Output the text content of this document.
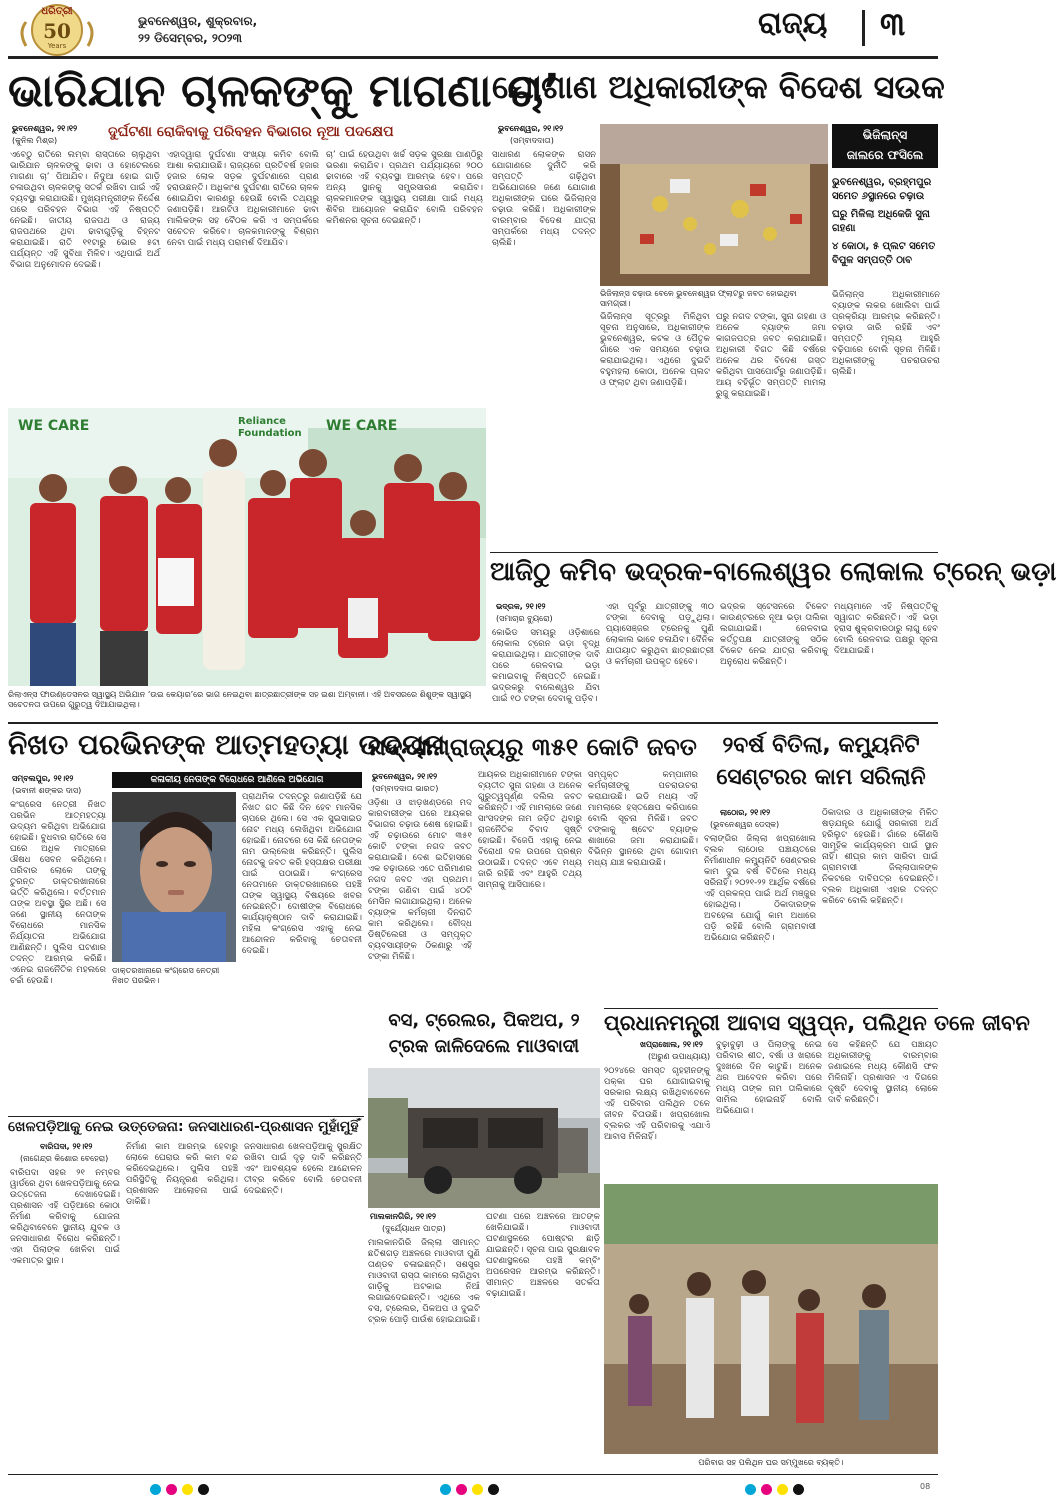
ଧରିତ୍ରୀ
50
Years
ଭୁବନେଶ୍ୱର, ଶୁକ୍ରବାର,
୨୨ ଡିସେମ୍ବର, ୨୦୨୩	ରାଜ୍ୟ ୩
ଭାରିଯାନ ଚାଳକଙ୍କୁ ମାଗଣା ଚା’
ଭୁବନେଶ୍ୱର, ୨୧।୧୨
(କୁନିଲ ମିଶ୍ର)
ଦୁର୍ଘଟଣା ରୋକିବାକୁ ପରିବହନ ବିଭାଗର ନୂଆ ପଦକ୍ଷେପ
ଏବେଠୁ ରାତିରେ ଲମ୍ବା ରାସ୍ତାରେ ଚାଲୁଥିବା ଭାରିଯାନ ଚାଳକଙ୍କୁ ଢାବା ଓ ହୋଟେଲରେ ମାଗଣା ଚା’ ପିଆଯିବ। ନିଦୁଆ ହୋଇ ଗାଡ଼ି ଚଳାଉଥିବା ଚାଳକଙ୍କୁ ସତର୍କ ରଖିବା ପାଇଁ ଏହି ବ୍ୟବସ୍ଥା କରାଯାଉଛି। ମୁଖ୍ୟମନ୍ତ୍ରୀଙ୍କ ନିର୍ଦ୍ଦେଶ ପରେ ପରିବହନ ବିଭାଗ ଏହି ନିଷ୍ପତ୍ତି ନେଇଛି। ଜାତୀୟ ରାଜପଥ ଓ ରାଜ୍ୟ ରାଜପଥରେ ଥିବା ଢାବାଗୁଡ଼ିକୁ ଚିହ୍ନଟ କରାଯାଇଛି। ରାତି ୧୧ଟାରୁ ଭୋର ୫ଟା ପର୍ଯ୍ୟନ୍ତ ଏହି ସୁବିଧା ମିଳିବ। ଏଥିପାଇଁ ଅର୍ଥ ବିଭାଗ ଅନୁମୋଦନ ଦେଇଛି।
ଏହାଦ୍ୱାରା ଦୁର୍ଘଟଣା ସଂଖ୍ୟା କମିବ ବୋଲି ଆଶା କରାଯାଉଛି। ରାଜ୍ୟରେ ପ୍ରତିବର୍ଷ ହଜାର ହଜାର ଲୋକ ସଡ଼କ ଦୁର୍ଘଟଣାରେ ପ୍ରାଣ ହରାଉଛନ୍ତି। ଅଧିକାଂଶ ଦୁର୍ଘଟଣା ରାତିରେ ଚାଳକ ଶୋଇଯିବା କାରଣରୁ ହେଉଛି ବୋଲି ତଥ୍ୟରୁ ଜଣାପଡ଼ିଛି। ଆରଟିଓ ଅଧିକାରୀମାନେ ଢାବା ମାଲିକଙ୍କ ସହ ବୈଠକ କରି ଏ ସମ୍ପର୍କରେ ସଚେତନ କରିବେ। ଚାଳକମାନଙ୍କୁ ବିଶ୍ରାମ ନେବା ପାଇଁ ମଧ୍ୟ ପରାମର୍ଶ ଦିଆଯିବ।
ଚା’ ପାଇଁ ହେଉଥିବା ଖର୍ଚ୍ଚ ସଡ଼କ ସୁରକ୍ଷା ପାଣ୍ଠିରୁ ଭରଣା କରାଯିବ। ପ୍ରଥମ ପର୍ଯ୍ୟାୟରେ ୨୦୦ ଢାବାରେ ଏହି ବ୍ୟବସ୍ଥା ଆରମ୍ଭ ହେବ। ପରେ ଅନ୍ୟ ସ୍ଥାନକୁ ସମ୍ପ୍ରସାରଣ କରାଯିବ। ଚାଳକମାନଙ୍କ ସ୍ୱାସ୍ଥ୍ୟ ପରୀକ୍ଷା ପାଇଁ ମଧ୍ୟ ଶିବିର ଆୟୋଜନ କରାଯିବ ବୋଲି ପରିବହନ କମିଶନର ସୂଚନା ଦେଇଛନ୍ତି।
WE CARE	Reliance Foundation	WE CARE
ରିଲାଏନ୍ସ ଫାଉଣ୍ଡେସନର ସ୍ୱାସ୍ଥ୍ୟ ଅଭିଯାନ ‘ଉଇ କେୟାର’ରେ ଭାଗ ନେଇଥିବା ଛାତ୍ରଛାତ୍ରୀଙ୍କ ସହ ଇଶା ଅମ୍ବାନୀ। ଏହି ଅବସରରେ ଶିଶୁଙ୍କ ସ୍ୱାସ୍ଥ୍ୟ ସଚେତନତା ଉପରେ ଗୁରୁତ୍ୱ ଦିଆଯାଇଥିଲା।
ଯୋଗାଣ ଅଧିକାରୀଙ୍କ ବିଦେଶ ସଉକ
ଭୁବନେଶ୍ୱର, ୨୧।୧୨
(ସମ୍ବାଦଦାତା)
ସାଧାରଣ ଲୋକଙ୍କ ରାସନ ଯୋଗାଣରେ ଦୁର୍ନୀତି କରି ସମ୍ପତ୍ତି ଗଢ଼ିଥିବା ଅଭିଯୋଗରେ ଜଣେ ଯୋଗାଣ ଅଧିକାରୀଙ୍କ ଘରେ ଭିଜିଲାନ୍ସ ଚଢ଼ାଉ କରିଛି। ଅଧିକାରୀଙ୍କ ବାରମ୍ବାର ବିଦେଶ ଯାତ୍ରା ସମ୍ପର୍କରେ ମଧ୍ୟ ତଦନ୍ତ ଚାଲିଛି।
ଭିଜିଲାନ୍ସ
ଜାଲରେ ଫସିଲେ
ଭୁବନେଶ୍ୱର, ବ୍ରହ୍ମପୁର ସମେତ ୬ସ୍ଥାନରେ ଚଢ଼ାଉ
ଘରୁ ମିଳିଲା ଅଧିକେଜି ସୁନା ଗହଣା
୪ କୋଠା, ୫ ପ୍ଲଟ ସମେତ ବିପୁଳ ସମ୍ପତ୍ତି ଠାବ
ଭିଜିଲାନ୍ସ ଚଢ଼ାଉ ବେଳେ ଭୁବନେଶ୍ୱର ଫ୍ଲାଟରୁ ଜବତ ହୋଇଥିବା ସାମଗ୍ରୀ।
ଭିଜିଲାନ୍ସ ସୂତ୍ରରୁ ମିଳିଥିବା ସୂଚନା ଅନୁସାରେ, ଅଧିକାରୀଙ୍କ ଭୁବନେଶ୍ୱର, କଟକ ଓ ପୈତୃକ ଗାଁରେ ଏକ ସମୟରେ ଚଢ଼ାଉ କରାଯାଇଥିଲା। ଏଥିରେ ଦୁଇଟି ବହୁମହଲା କୋଠା, ଅନେକ ପ୍ଲଟ ଓ ଫ୍ଲାଟ ଥିବା ଜଣାପଡ଼ିଛି।
ଘରୁ ନଗଦ ଟଙ୍କା, ସୁନା ଗହଣା ଓ ଅନେକ ବ୍ୟାଙ୍କ ଜମା କାଗଜପତ୍ର ଜବତ କରାଯାଇଛି। ଅଧିକାରୀ ବିଗତ କିଛି ବର୍ଷରେ ଅନେକ ଥର ବିଦେଶ ଗସ୍ତ କରିଥିବା ପାସପୋର୍ଟରୁ ଜଣାପଡ଼ିଛି। ଆୟ ବହିର୍ଭୂତ ସମ୍ପତ୍ତି ମାମଲା ରୁଜୁ କରାଯାଇଛି।
ଭିଜିଲାନ୍ସ ଅଧିକାରୀମାନେ ବ୍ୟାଙ୍କ ଲକର ଖୋଲିବା ପାଇଁ ପ୍ରକ୍ରିୟା ଆରମ୍ଭ କରିଛନ୍ତି। ଚଢ଼ାଉ ଜାରି ରହିଛି ଏବଂ ସମ୍ପତ୍ତି ମୂଲ୍ୟ ଆହୁରି ବଢ଼ିପାରେ ବୋଲି ସୂଚନା ମିଳିଛି। ଅଧିକାରୀଙ୍କୁ ପଚରାଉଚରା ଚାଲିଛି।
ଆଜିଠୁ କମିବ ଭଦ୍ରକ-ବାଲେଶ୍ୱର ଲୋକାଲ ଟ୍ରେନ୍ ଭଡ଼ା
ଭଦ୍ରକ, ୨୧।୧୨
(ସମାଚାର ବ୍ୟୁରୋ)
କୋଭିଡ ସମୟରୁ ଓଡ଼ିଶାରେ ଲୋକାଲ ଟ୍ରେନ ଭଡ଼ା ବୃଦ୍ଧି କରାଯାଇଥିଲା। ଯାତ୍ରୀଙ୍କ ଦାବି ପରେ ରେଳବାଇ ଭଡ଼ା କମାଇବାକୁ ନିଷ୍ପତ୍ତି ନେଇଛି। ଭଦ୍ରକରୁ ବାଲେଶ୍ୱର ଯିବା ପାଇଁ ୧୦ ଟଙ୍କା ଦେବାକୁ ପଡ଼ିବ।
ଏହା ପୂର୍ବରୁ ଯାତ୍ରୀଙ୍କୁ ୩୦ ଟଙ୍କା ଦେବାକୁ ପଡ଼ୁଥିଲା। ପ୍ୟାସେଞ୍ଜର ଟ୍ରେନକୁ ପୁଣି ଲୋକାଲ ଭାବେ ଚଳାଯିବ। ଦୈନିକ ଯାତାୟାତ କରୁଥିବା ଛାତ୍ରଛାତ୍ରୀ ଓ କର୍ମଚାରୀ ଉପକୃତ ହେବେ।
ଭଦ୍ରକ ସ୍ଟେସନରେ ଟିକେଟ କାଉଣ୍ଟରରେ ନୂଆ ଭଡ଼ା ତାଲିକା ଲଗାଯାଇଛି। ରେଳବାଇ କର୍ତ୍ତୃପକ୍ଷ ଯାତ୍ରୀଙ୍କୁ ସଠିକ ଟିକେଟ ନେଇ ଯାତ୍ରା କରିବାକୁ ଅନୁରୋଧ କରିଛନ୍ତି।
ମଧ୍ୟମାନେ ଏହି ନିଷ୍ପତ୍ତିକୁ ସ୍ୱାଗତ କରିଛନ୍ତି। ଏହି ଭଡ଼ା ହ୍ରାସ ଶୁକ୍ରବାରଠାରୁ ଲାଗୁ ହେବ ବୋଲି ରେଳବାଇ ପକ୍ଷରୁ ସୂଚନା ଦିଆଯାଇଛି।
ନିଖତ ପରଭିନଙ୍କ ଆତ୍ମହତ୍ୟା ଉଦ୍ୟମ
ସମ୍ବଲପୁର, ୨୧।୧୨
(ଭବାନୀ ଶଙ୍କର ଦାସ)
କଳାକୀୟ ନେତାଙ୍କ ବିରୋଧରେ ଆଣିଲେ ଅଭିଯୋଗ
କଂଗ୍ରେସ ନେତ୍ରୀ ନିଖତ ପରଭିନ ଆତ୍ମହତ୍ୟା ଉଦ୍ୟମ କରିଥିବା ଅଭିଯୋଗ ହୋଇଛି। ବୁଧବାର ରାତିରେ ସେ ଘରେ ଅଧିକ ମାତ୍ରାରେ ଔଷଧ ସେବନ କରିଥିଲେ। ପରିବାର ଲୋକେ ତାଙ୍କୁ ତୁରନ୍ତ ଡାକ୍ତରଖାନାରେ ଭର୍ତ୍ତି କରିଥିଲେ। ବର୍ତ୍ତମାନ ତାଙ୍କ ଅବସ୍ଥା ସ୍ଥିର ଅଛି। ସେ ଜଣେ ସ୍ଥାନୀୟ ନେତାଙ୍କ ବିରୋଧରେ ମାନସିକ ନିର୍ଯ୍ୟାତନା ଅଭିଯୋଗ ଆଣିଛନ୍ତି। ପୁଲିସ ଘଟଣାର ତଦନ୍ତ ଆରମ୍ଭ କରିଛି। ଏନେଇ ରାଜନୈତିକ ମହଲରେ ଚର୍ଚ୍ଚା ହେଉଛି।
ଡାକ୍ତରଖାନାରେ କଂଗ୍ରେସ ନେତ୍ରୀ ନିଖତ ପରଭିନ।
ପ୍ରାଥମିକ ତଦନ୍ତରୁ ଜଣାପଡ଼ିଛି ଯେ ନିଖତ ଗତ କିଛି ଦିନ ହେବ ମାନସିକ ଚାପରେ ଥିଲେ। ସେ ଏକ ସୁଇସାଇଡ ନୋଟ ମଧ୍ୟ ଲେଖିଥିବା ଅଭିଯୋଗ ହୋଇଛି। ନୋଟରେ ସେ କିଛି ନେତାଙ୍କ ନାମ ଉଲ୍ଲେଖ କରିଛନ୍ତି। ପୁଲିସ ନୋଟକୁ ଜବତ କରି ହସ୍ତାକ୍ଷର ପରୀକ୍ଷା ପାଇଁ ପଠାଇଛି। କଂଗ୍ରେସ ନେତାମାନେ ଡାକ୍ତରଖାନାରେ ପହଞ୍ଚି ତାଙ୍କ ସ୍ୱାସ୍ଥ୍ୟ ବିଷୟରେ ଖବର ନେଇଛନ୍ତି। ଦୋଷୀଙ୍କ ବିରୋଧରେ କାର୍ଯ୍ୟାନୁଷ୍ଠାନ ଦାବି କରାଯାଇଛି। ମହିଳା କଂଗ୍ରେସ ଏହାକୁ ନେଇ ଆନ୍ଦୋଳନ କରିବାକୁ ଚେତାବନୀ ଦେଇଛି।
ମଦ ସାମ୍ରାଜ୍ୟରୁ ୩୫୧ କୋଟି ଜବତ
ଭୁବନେଶ୍ୱର, ୨୧।୧୨
(ସମ୍ବାଦଦାତା ଭାରତ)
ଓଡ଼ିଶା ଓ ଝାଡ଼ଖଣ୍ଡରେ ମଦ କାରବାରୀଙ୍କ ଘରେ ଆୟକର ବିଭାଗର ଚଢ଼ାଉ ଶେଷ ହୋଇଛି। ଏହି ଚଢ଼ାଉରେ ମୋଟ ୩୫୧ କୋଟି ଟଙ୍କା ନଗଦ ଜବତ କରାଯାଇଛି। ଦେଶ ଇତିହାସରେ ଏକ ଚଢ଼ାଉରେ ଏତେ ପରିମାଣର ନଗଦ ଜବତ ଏହା ପ୍ରଥମ। ଟଙ୍କା ଗଣିବା ପାଇଁ ୪୦ଟି ମେସିନ ଲଗାଯାଇଥିଲା। ଅନେକ ବ୍ୟାଙ୍କ କର୍ମଚାରୀ ଦିନରାତି କାମ କରିଥିଲେ। ବୌଦ୍ଧ ଡିଷ୍ଟିଲେରୀ ଓ ସମ୍ପୃକ୍ତ ବ୍ୟବସାୟୀଙ୍କ ଠିକଣାରୁ ଏହି ଟଙ୍କା ମିଳିଛି।
ଆୟକର ଅଧିକାରୀମାନେ ଟଙ୍କା ବ୍ୟତୀତ ସୁନା ଗହଣା ଓ ଅନେକ ଗୁରୁତ୍ୱପୂର୍ଣ୍ଣ ଦଲିଲ ଜବତ କରିଛନ୍ତି। ଏହି ମାମଲାରେ ଜଣେ ସାଂସଦଙ୍କ ନାମ ଜଡ଼ିତ ଥିବାରୁ ରାଜନୈତିକ ବିବାଦ ସୃଷ୍ଟି ହୋଇଛି। ବିଜେପି ଏହାକୁ ନେଇ ବିରୋଧୀ ଦଳ ଉପରେ ପ୍ରଶ୍ନ ଉଠାଇଛି। ତଦନ୍ତ ଏବେ ମଧ୍ୟ ଜାରି ରହିଛି ଏବଂ ଆହୁରି ତଥ୍ୟ ସାମ୍ନାକୁ ଆସିପାରେ।
ସମ୍ପୃକ୍ତ କମ୍ପାନୀର କର୍ମଚାରୀଙ୍କୁ ପଚରାଉଚରା କରାଯାଉଛି। ଇଡି ମଧ୍ୟ ଏହି ମାମଲାରେ ହସ୍ତକ୍ଷେପ କରିପାରେ ବୋଲି ସୂଚନା ମିଳିଛି। ଜବତ ଟଙ୍କାକୁ ଷ୍ଟେଟ ବ୍ୟାଙ୍କ ଶାଖାରେ ଜମା କରାଯାଇଛି। ବିଭିନ୍ନ ସ୍ଥାନରେ ଥିବା ଗୋଦାମ ମଧ୍ୟ ଯାଞ୍ଚ କରାଯାଉଛି।
ବସ, ଟ୍ରେଲର, ପିକଅପ, ୨ ଟ୍ରକ ଜାଳିଦେଲେ ମାଓବାଦୀ
ମାଲକାନଗିରି, ୨୧।୧୨
(ଦୁର୍ଯ୍ୟୋଧନ ପାତ୍ର)
ମାଲକାନଗିରି ଜିଲ୍ଲା ସୀମାନ୍ତ ଛତିଶଗଡ଼ ଅଞ୍ଚଳରେ ମାଓବାଦୀ ପୁଣି ତାଣ୍ଡବ ଚଳାଇଛନ୍ତି। ସଶସ୍ତ୍ର ମାଓବାଦୀ ରାସ୍ତା କାମରେ ଲାଗିଥିବା ଗାଡ଼ିକୁ ଅଟକାଇ ନିଆଁ ଲଗାଇଦେଇଛନ୍ତି। ଏଥିରେ ଏକ ବସ, ଟ୍ରେଲର, ପିକଅପ ଓ ଦୁଇଟି ଟ୍ରକ ପୋଡ଼ି ପାଉଁଶ ହୋଇଯାଇଛି।
ଘଟଣା ପରେ ଅଞ୍ଚଳରେ ଆତଙ୍କ ଖେଳିଯାଇଛି। ମାଓବାଦୀ ଘଟଣାସ୍ଥଳରେ ପୋଷ୍ଟର ଛାଡ଼ି ଯାଇଛନ୍ତି। ସୂଚନା ପାଇ ସୁରକ୍ଷାବଳ ଘଟଣାସ୍ଥଳରେ ପହଞ୍ଚି କମ୍ବିଂ ଅପରେସନ ଆରମ୍ଭ କରିଛନ୍ତି। ସୀମାନ୍ତ ଅଞ୍ଚଳରେ ସତର୍କତା ବଢ଼ାଯାଇଛି।
୨ବର୍ଷ ବିତିଲା, କମ୍ୟୁନିଟି
ସେଣ୍ଟରର କାମ ସରିଲାନି
ଲାଠୋର, ୨୧।୧୨
(ଭୁବନେଶ୍ୱର ଡେସ୍କ)
ବଲାଙ୍ଗିର ଜିଲ୍ଲା ଖପ୍ରାଖୋଲ ବ୍ଲକ ଲାଠୋର ପଞ୍ଚାୟତରେ ନିର୍ମାଣାଧୀନ କମ୍ୟୁନିଟି ସେଣ୍ଟରର କାମ ଦୁଇ ବର୍ଷ ବିତିଲେ ମଧ୍ୟ ସରିନାହିଁ। ୨୦୨୧-୨୨ ଆର୍ଥିକ ବର୍ଷରେ ଏହି ପ୍ରକଳ୍ପ ପାଇଁ ଅର୍ଥ ମଞ୍ଜୁର ହୋଇଥିଲା। ଠିକାଦାରଙ୍କ ଅବହେଳା ଯୋଗୁଁ କାମ ଅଧାରେ ପଡ଼ି ରହିଛି ବୋଲି ଗ୍ରାମବାସୀ ଅଭିଯୋଗ କରିଛନ୍ତି।
ଠିକାଦାର ଓ ଅଧିକାରୀଙ୍କ ମିଳିତ ଷଡ଼ଯନ୍ତ୍ର ଯୋଗୁଁ ସରକାରୀ ଅର୍ଥ ହରିଲୁଟ ହେଉଛି। ଗାଁରେ କୌଣସି ସାମୂହିକ କାର୍ଯ୍ୟକ୍ରମ ପାଇଁ ସ୍ଥାନ ନାହିଁ। ଶୀଘ୍ର କାମ ସାରିବା ପାଇଁ ଗ୍ରାମବାସୀ ଜିଲ୍ଲାପାଳଙ୍କ ନିକଟରେ ଦାବିପତ୍ର ଦେଇଛନ୍ତି। ବ୍ଲକ ଅଧିକାରୀ ଏହାର ତଦନ୍ତ କରିବେ ବୋଲି କହିଛନ୍ତି।
ପ୍ରଧାନମନ୍ତ୍ରୀ ଆବାସ ସ୍ୱପ୍ନ, ପଲିଥିନ ତଳେ ଜୀବନ
ଖପ୍ରାଖୋଲ, ୨୧।୧୨
(ଅରୁଣ ଉପାଧ୍ୟାୟ)
୨୦୨୪ରେ ସମସ୍ତ ଗୃହହୀନଙ୍କୁ ପକ୍କା ଘର ଯୋଗାଇବାକୁ ସରକାର ଲକ୍ଷ୍ୟ ରଖିଥିବାବେଳେ ଏହି ପରିବାର ପଲିଥିନ ତଳେ ଜୀବନ ବିତାଉଛି। ଖପ୍ରାଖୋଲ ବ୍ଲକର ଏହି ପରିବାରକୁ ଏଯାଏଁ ଆବାସ ମିଳିନାହିଁ।
ବୁଢ଼ାବୁଢ଼ୀ ଓ ପିଲାଙ୍କୁ ନେଇ ପରିବାର ଶୀତ, ବର୍ଷା ଓ ଖରାରେ ଦୁଃଖରେ ଦିନ କାଟୁଛି। ଅନେକ ଥର ଆବେଦନ କରିବା ପରେ ମଧ୍ୟ ତାଙ୍କ ନାମ ତାଲିକାରେ ସାମିଲ ହୋଇନାହିଁ ବୋଲି ଅଭିଯୋଗ।
ସେ କହିଛନ୍ତି ଯେ ପଞ୍ଚାୟତ ଅଧିକାରୀଙ୍କୁ ବାରମ୍ବାର ଜଣାଇଲେ ମଧ୍ୟ କୌଣସି ଫଳ ମିଳିନାହିଁ। ପ୍ରଶାସନ ଏ ଦିଗରେ ଦୃଷ୍ଟି ଦେବାକୁ ସ୍ଥାନୀୟ ଲୋକେ ଦାବି କରିଛନ୍ତି।
ପରିବାର ସହ ପଲିଥିନ ଘର ସମ୍ମୁଖରେ ବ୍ୟକ୍ତି।
ଖେଳପଡ଼ିଆକୁ ନେଇ ଉତ୍ତେଜନା: ଜନସାଧାରଣ-ପ୍ରଶାସନ ମୁହାଁମୁହିଁ
ବାରିପଦା, ୨୧।୧୨
(ନାଗେନ୍ଦ୍ର କିଶୋର ବେହେରା)
ବାରିପଦା ସହର ୨୧ ନମ୍ବର ୱାର୍ଡରେ ଥିବା ଖେଳପଡ଼ିଆକୁ ନେଇ ଉତ୍ତେଜନା ଦେଖାଦେଇଛି। ପ୍ରଶାସନ ଏହି ପଡ଼ିଆରେ କୋଠା ନିର୍ମାଣ କରିବାକୁ ଯୋଜନା କରିଥିବାବେଳେ ସ୍ଥାନୀୟ ଯୁବକ ଓ ଜନସାଧାରଣ ବିରୋଧ କରିଛନ୍ତି। ଏହା ପିଲାଙ୍କ ଖେଳିବା ପାଇଁ ଏକମାତ୍ର ସ୍ଥାନ।
ନିର୍ମାଣ କାମ ଆରମ୍ଭ ହେବାରୁ ଲୋକେ ଘେରାଉ କରି କାମ ବନ୍ଦ କରିଦେଇଥିଲେ। ପୁଲିସ ପହଞ୍ଚି ପରିସ୍ଥିତିକୁ ନିୟନ୍ତ୍ରଣ କରିଥିଲା। ପ୍ରଶାସନ ଆଲୋଚନା ପାଇଁ ଡାକିଛି।
ଜନସାଧାରଣ ଖେଳପଡ଼ିଆକୁ ସୁରକ୍ଷିତ ରଖିବା ପାଇଁ ଦୃଢ଼ ଦାବି କରିଛନ୍ତି ଏବଂ ଆବଶ୍ୟକ ହେଲେ ଆନ୍ଦୋଳନ ତୀବ୍ର କରିବେ ବୋଲି ଚେତାବନୀ ଦେଇଛନ୍ତି।
08
